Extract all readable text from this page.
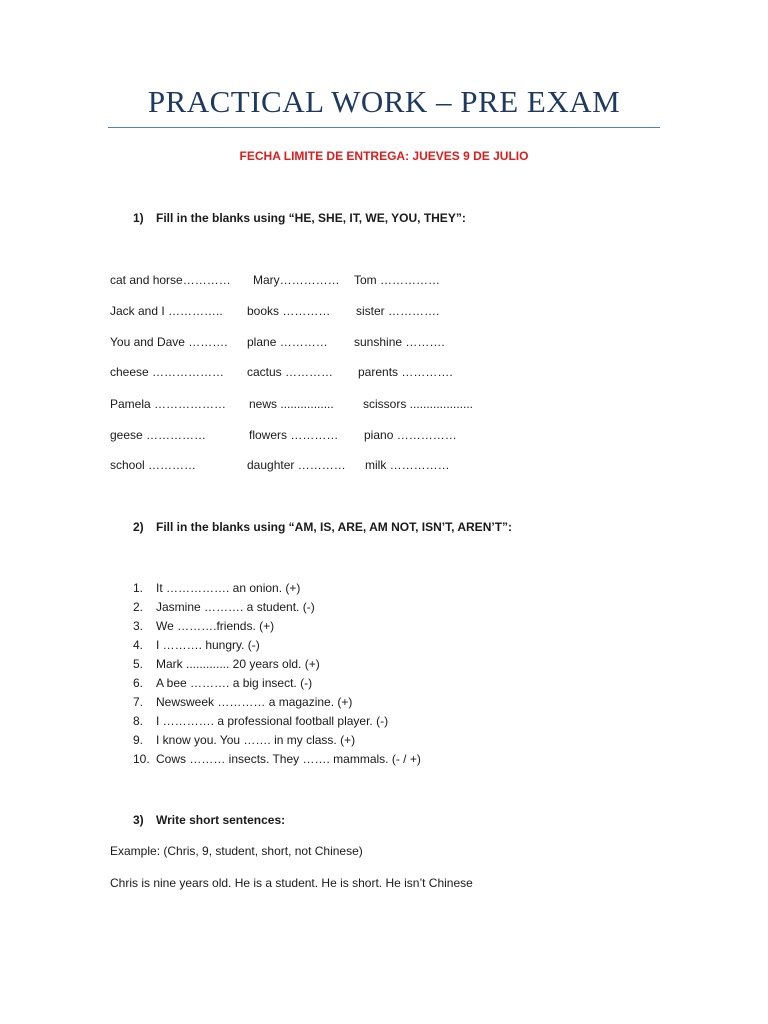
PRACTICAL WORK – PRE EXAM
FECHA LIMITE DE ENTREGA: JUEVES 9 DE JULIO
1) Fill in the blanks using “HE, SHE, IT, WE, YOU, THEY”:
cat and horse………… Mary…………… Tom ……………
Jack and I ………….. books ………… sister ………….
You and Dave ………. plane ………… sunshine ……….
cheese ……………… cactus ………… parents ………….
Pamela ……………… news ................ scissors ...................
geese ……………	flowers ………… piano ……………
school …………	daughter ………… milk ……………
2) Fill in the blanks using “AM, IS, ARE, AM NOT, ISN’T, AREN’T”:
1. It ……………. an onion. (+)
2. Jasmine ………. a student. (-)
3. We ……….friends. (+)
4. I ………. hungry. (-)
5. Mark ............. 20 years old. (+)
6. A bee ………. a big insect. (-)
7. Newsweek ………… a magazine. (+)
8. I …………. a professional football player. (-)
9. I know you. You ……. in my class. (+)
10. Cows ……… insects. They ……. mammals. (- / +)
3) Write short sentences:
Example: (Chris, 9, student, short, not Chinese)
Chris is nine years old. He is a student. He is short. He isn’t Chinese
